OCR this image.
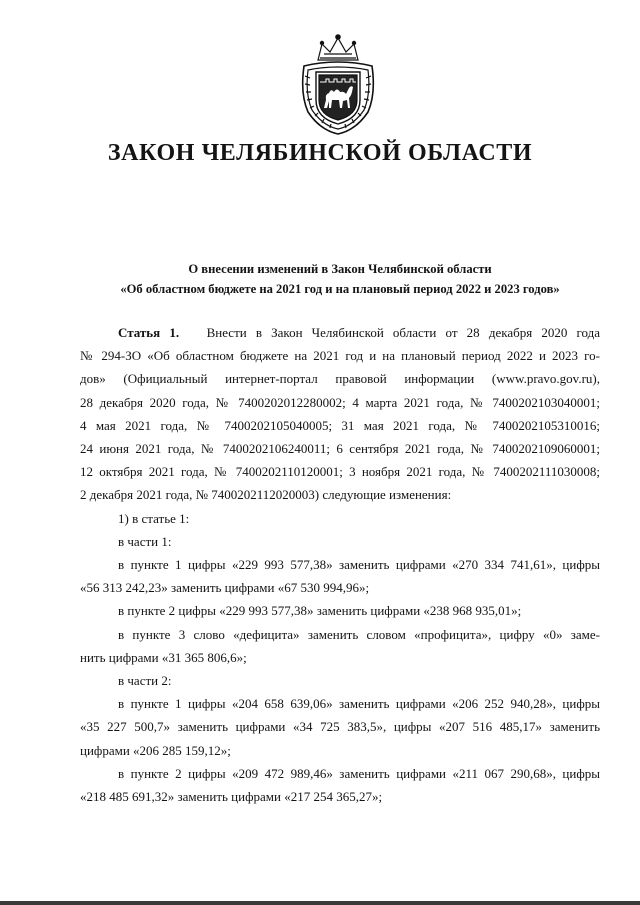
ЗАКОН ЧЕЛЯБИНСКОЙ ОБЛАСТИ
О внесении изменений в Закон Челябинской области
«Об областном бюджете на 2021 год и на плановый период 2022 и 2023 годов»

Статья 1. Внести в Закон Челябинской области от 28 декабря 2020 года

№ 294-ЗО «Об областном бюджете на 2021 год и на плановый период 2022 и 2023 го-

дов» (Официальный интернет-портал правовой информации (www.pravo.gov.ru),

28 декабря 2020 года, № 7400202012280002; 4 марта 2021 года, № 7400202103040001;

4 мая 2021 года, № 7400202105040005; 31 мая 2021 года, № 7400202105310016;

24 июня 2021 года, № 7400202106240011; 6 сентября 2021 года, № 7400202109060001;

12 октября 2021 года, № 7400202110120001; 3 ноября 2021 года, № 7400202111030008;

2 декабря 2021 года, № 7400202112020003) следующие изменения:

1) в статье 1:

в части 1:

в пункте 1 цифры «229 993 577,38» заменить цифрами «270 334 741,61», цифры

«56 313 242,23» заменить цифрами «67 530 994,96»;

в пункте 2 цифры «229 993 577,38» заменить цифрами «238 968 935,01»;

в пункте 3 слово «дефицита» заменить словом «профицита», цифру «0» заме-

нить цифрами «31 365 806,6»;

в части 2:

в пункте 1 цифры «204 658 639,06» заменить цифрами «206 252 940,28», цифры

«35 227 500,7» заменить цифрами «34 725 383,5», цифры «207 516 485,17» заменить

цифрами «206 285 159,12»;

в пункте 2 цифры «209 472 989,46» заменить цифрами «211 067 290,68», цифры

«218 485 691,32» заменить цифрами «217 254 365,27»;
